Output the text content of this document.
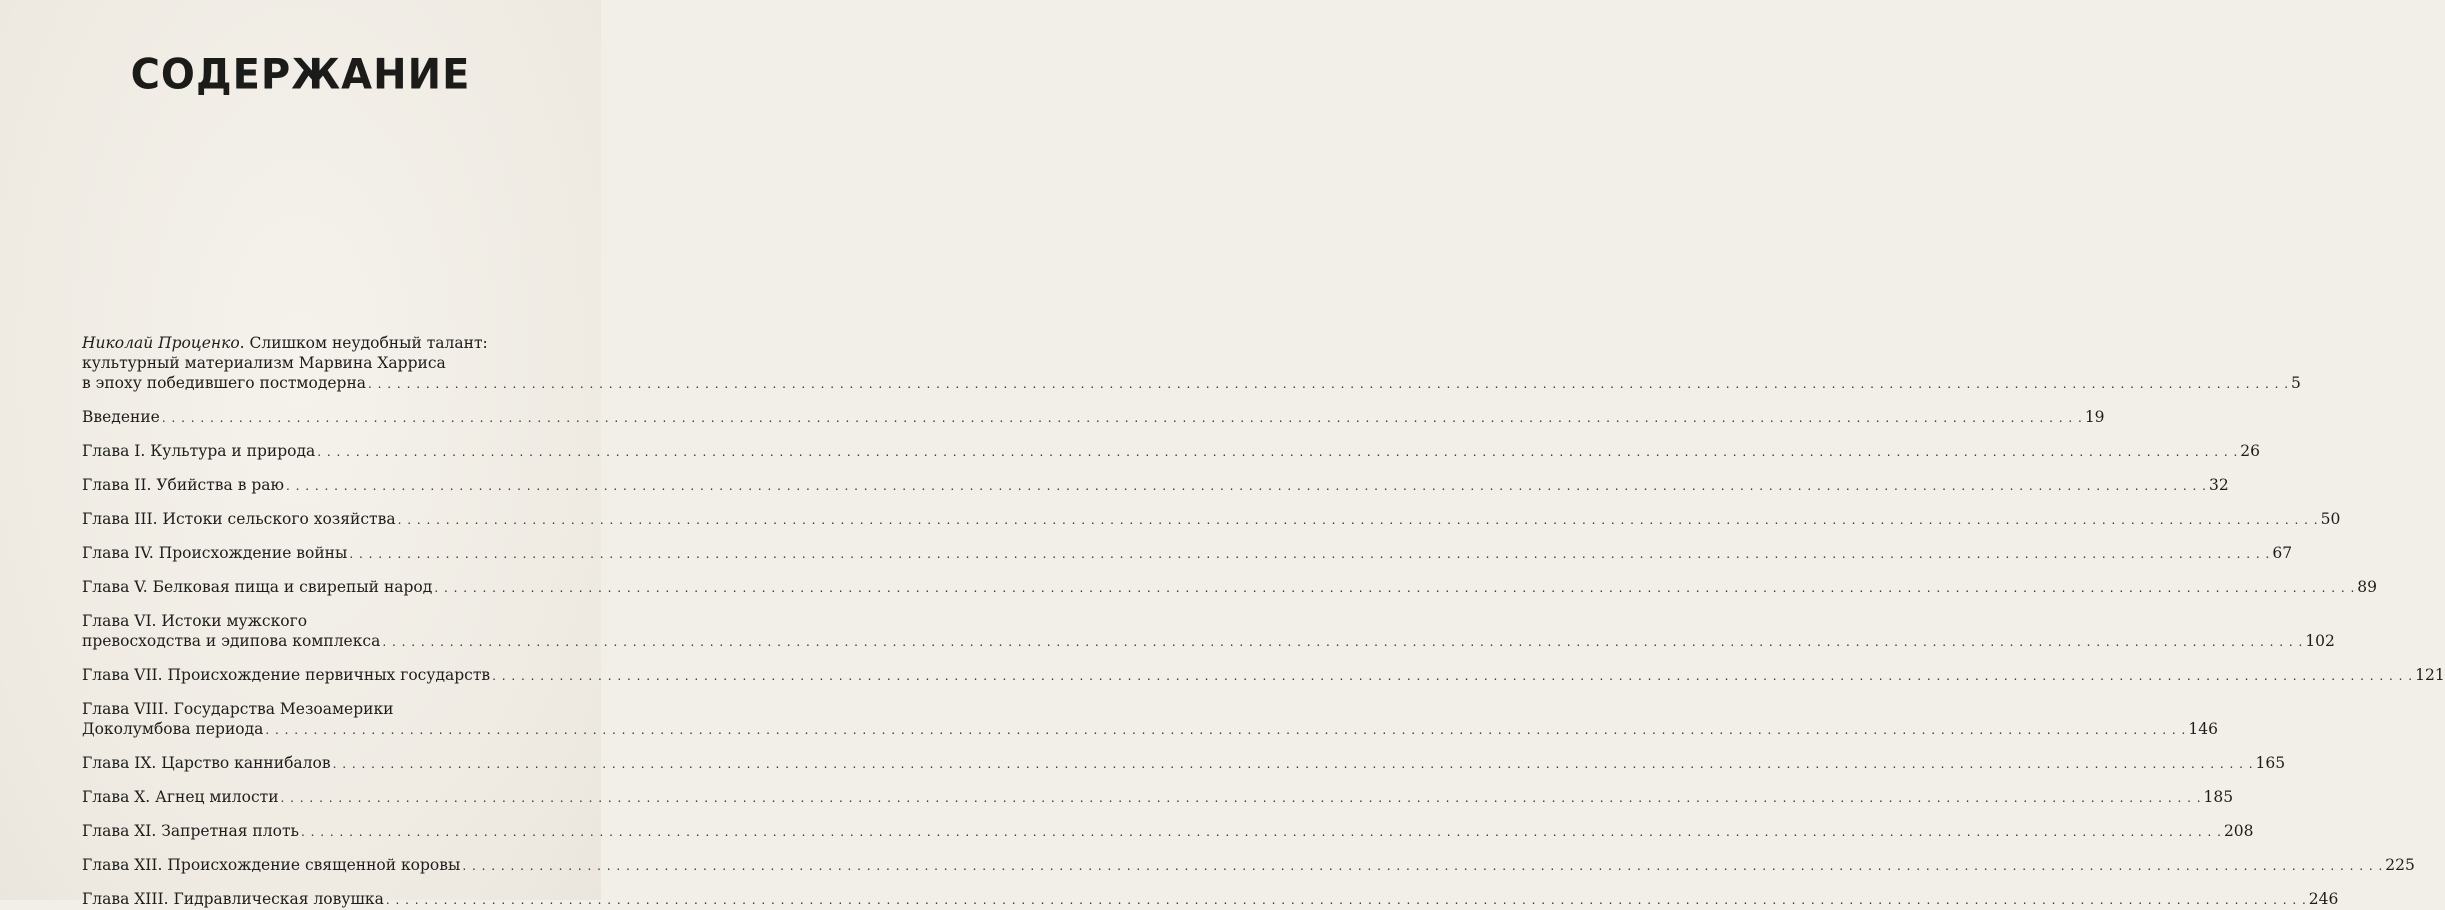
СОДЕРЖАНИЕ
Николай Проценко. Слишком неудобный талант:
культурный материализм Марвина Харриса
в эпоху победившего постмодерна . . . . . . . . . . . . . . . . . . . . . . . . . . . . . . . . . . . . . . . . . . . . . . . . . . . . . . . . . . . . . . . . . . . . . . . . . . . . . . . . . . . . . . . . . . . . . . . . . . . . . . . . . . . . . . . . . . . . . . . . . . . . . . . . . . . . . . . . . . . . . . . . . . . . . . . . . . . . . . . . . . . . . . . . . . . . . . . . . . . . . . . . . . . . . . . . . . . . . . . . 5
Введение . . . . . . . . . . . . . . . . . . . . . . . . . . . . . . . . . . . . . . . . . . . . . . . . . . . . . . . . . . . . . . . . . . . . . . . . . . . . . . . . . . . . . . . . . . . . . . . . . . . . . . . . . . . . . . . . . . . . . . . . . . . . . . . . . . . . . . . . . . . . . . . . . . . . . . . . . . . . . . . . . . . . . . . . . . . . . . . . . . . . . . . . . . . . . . . . . . . . . . . . 19
Глава I. Культура и природа . . . . . . . . . . . . . . . . . . . . . . . . . . . . . . . . . . . . . . . . . . . . . . . . . . . . . . . . . . . . . . . . . . . . . . . . . . . . . . . . . . . . . . . . . . . . . . . . . . . . . . . . . . . . . . . . . . . . . . . . . . . . . . . . . . . . . . . . . . . . . . . . . . . . . . . . . . . . . . . . . . . . . . . . . . . . . . . . . . . . . . . . . . . . . . . . . . . . . . . . 26
Глава II. Убийства в раю . . . . . . . . . . . . . . . . . . . . . . . . . . . . . . . . . . . . . . . . . . . . . . . . . . . . . . . . . . . . . . . . . . . . . . . . . . . . . . . . . . . . . . . . . . . . . . . . . . . . . . . . . . . . . . . . . . . . . . . . . . . . . . . . . . . . . . . . . . . . . . . . . . . . . . . . . . . . . . . . . . . . . . . . . . . . . . . . . . . . . . . . . . . . . . . . . . . . . . . . 32
Глава III. Истоки сельского хозяйства . . . . . . . . . . . . . . . . . . . . . . . . . . . . . . . . . . . . . . . . . . . . . . . . . . . . . . . . . . . . . . . . . . . . . . . . . . . . . . . . . . . . . . . . . . . . . . . . . . . . . . . . . . . . . . . . . . . . . . . . . . . . . . . . . . . . . . . . . . . . . . . . . . . . . . . . . . . . . . . . . . . . . . . . . . . . . . . . . . . . . . . . . . . . . . . . . . . . . . . . 50
Глава IV. Происхождение войны . . . . . . . . . . . . . . . . . . . . . . . . . . . . . . . . . . . . . . . . . . . . . . . . . . . . . . . . . . . . . . . . . . . . . . . . . . . . . . . . . . . . . . . . . . . . . . . . . . . . . . . . . . . . . . . . . . . . . . . . . . . . . . . . . . . . . . . . . . . . . . . . . . . . . . . . . . . . . . . . . . . . . . . . . . . . . . . . . . . . . . . . . . . . . . . . . . . . . . . . 67
Глава V. Белковая пища и свирепый народ . . . . . . . . . . . . . . . . . . . . . . . . . . . . . . . . . . . . . . . . . . . . . . . . . . . . . . . . . . . . . . . . . . . . . . . . . . . . . . . . . . . . . . . . . . . . . . . . . . . . . . . . . . . . . . . . . . . . . . . . . . . . . . . . . . . . . . . . . . . . . . . . . . . . . . . . . . . . . . . . . . . . . . . . . . . . . . . . . . . . . . . . . . . . . . . . . . . . . . . . 89
Глава VI. Истоки мужского
превосходства и эдипова комплекса . . . . . . . . . . . . . . . . . . . . . . . . . . . . . . . . . . . . . . . . . . . . . . . . . . . . . . . . . . . . . . . . . . . . . . . . . . . . . . . . . . . . . . . . . . . . . . . . . . . . . . . . . . . . . . . . . . . . . . . . . . . . . . . . . . . . . . . . . . . . . . . . . . . . . . . . . . . . . . . . . . . . . . . . . . . . . . . . . . . . . . . . . . . . . . . . . . . . . . . . 102
Глава VII. Происхождение первичных государств . . . . . . . . . . . . . . . . . . . . . . . . . . . . . . . . . . . . . . . . . . . . . . . . . . . . . . . . . . . . . . . . . . . . . . . . . . . . . . . . . . . . . . . . . . . . . . . . . . . . . . . . . . . . . . . . . . . . . . . . . . . . . . . . . . . . . . . . . . . . . . . . . . . . . . . . . . . . . . . . . . . . . . . . . . . . . . . . . . . . . . . . . . . . . . . . . . . . . . . . 121
Глава VIII. Государства Мезоамерики
Доколумбова периода . . . . . . . . . . . . . . . . . . . . . . . . . . . . . . . . . . . . . . . . . . . . . . . . . . . . . . . . . . . . . . . . . . . . . . . . . . . . . . . . . . . . . . . . . . . . . . . . . . . . . . . . . . . . . . . . . . . . . . . . . . . . . . . . . . . . . . . . . . . . . . . . . . . . . . . . . . . . . . . . . . . . . . . . . . . . . . . . . . . . . . . . . . . . . . . . . . . . . . . . 146
Глава IX. Царство каннибалов . . . . . . . . . . . . . . . . . . . . . . . . . . . . . . . . . . . . . . . . . . . . . . . . . . . . . . . . . . . . . . . . . . . . . . . . . . . . . . . . . . . . . . . . . . . . . . . . . . . . . . . . . . . . . . . . . . . . . . . . . . . . . . . . . . . . . . . . . . . . . . . . . . . . . . . . . . . . . . . . . . . . . . . . . . . . . . . . . . . . . . . . . . . . . . . . . . . . . . . . 165
Глава X. Агнец милости . . . . . . . . . . . . . . . . . . . . . . . . . . . . . . . . . . . . . . . . . . . . . . . . . . . . . . . . . . . . . . . . . . . . . . . . . . . . . . . . . . . . . . . . . . . . . . . . . . . . . . . . . . . . . . . . . . . . . . . . . . . . . . . . . . . . . . . . . . . . . . . . . . . . . . . . . . . . . . . . . . . . . . . . . . . . . . . . . . . . . . . . . . . . . . . . . . . . . . . . 185
Глава XI. Запретная плоть . . . . . . . . . . . . . . . . . . . . . . . . . . . . . . . . . . . . . . . . . . . . . . . . . . . . . . . . . . . . . . . . . . . . . . . . . . . . . . . . . . . . . . . . . . . . . . . . . . . . . . . . . . . . . . . . . . . . . . . . . . . . . . . . . . . . . . . . . . . . . . . . . . . . . . . . . . . . . . . . . . . . . . . . . . . . . . . . . . . . . . . . . . . . . . . . . . . . . . . . 208
Глава XII. Происхождение священной коровы . . . . . . . . . . . . . . . . . . . . . . . . . . . . . . . . . . . . . . . . . . . . . . . . . . . . . . . . . . . . . . . . . . . . . . . . . . . . . . . . . . . . . . . . . . . . . . . . . . . . . . . . . . . . . . . . . . . . . . . . . . . . . . . . . . . . . . . . . . . . . . . . . . . . . . . . . . . . . . . . . . . . . . . . . . . . . . . . . . . . . . . . . . . . . . . . . . . . . . . . 225
Глава XIII. Гидравлическая ловушка . . . . . . . . . . . . . . . . . . . . . . . . . . . . . . . . . . . . . . . . . . . . . . . . . . . . . . . . . . . . . . . . . . . . . . . . . . . . . . . . . . . . . . . . . . . . . . . . . . . . . . . . . . . . . . . . . . . . . . . . . . . . . . . . . . . . . . . . . . . . . . . . . . . . . . . . . . . . . . . . . . . . . . . . . . . . . . . . . . . . . . . . . . . . . . . . . . . . . . . . 246
